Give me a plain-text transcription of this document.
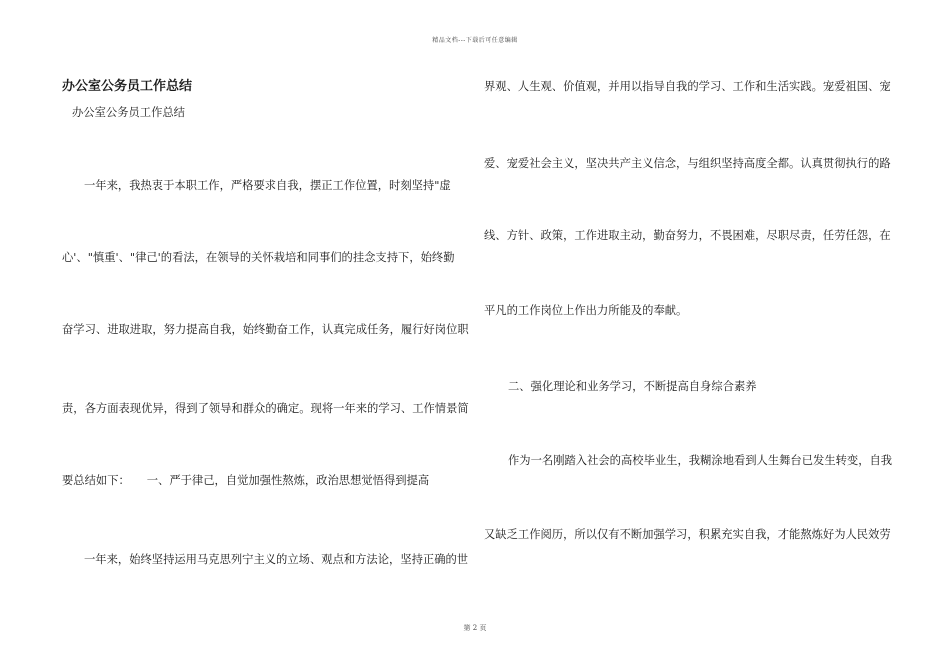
精品文档---下载后可任意编辑
办公室公务员工作总结
办公室公务员工作总结
一年来，我热衷于本职工作，严格要求自我，摆正工作位置，时刻坚持"虚
心'、"慎重'、"律己'的看法，在领导的关怀栽培和同事们的挂念支持下，始终勤
奋学习、进取进取，努力提高自我，始终勤奋工作，认真完成任务，履行好岗位职
责，各方面表现优异，得到了领导和群众的确定。现将一年来的学习、工作情景简
要总结如下：　　一、严于律己，自觉加强性熬炼，政治思想觉悟得到提高
一年来，始终坚持运用马克思列宁主义的立场、观点和方法论，坚持正确的世
界观、人生观、价值观，并用以指导自我的学习、工作和生活实践。宠爱祖国、宠
爱、宠爱社会主义，坚决共产主义信念，与组织坚持高度全都。认真贯彻执行的路
线、方针、政策，工作进取主动，勤奋努力，不畏困难，尽职尽责，任劳任怨，在
平凡的工作岗位上作出力所能及的奉献。
二、强化理论和业务学习，不断提高自身综合素养
作为一名刚踏入社会的高校毕业生，我糊涂地看到人生舞台已发生转变，自我
又缺乏工作阅历，所以仅有不断加强学习，积累充实自我，才能熬炼好为人民效劳
第 2 页
